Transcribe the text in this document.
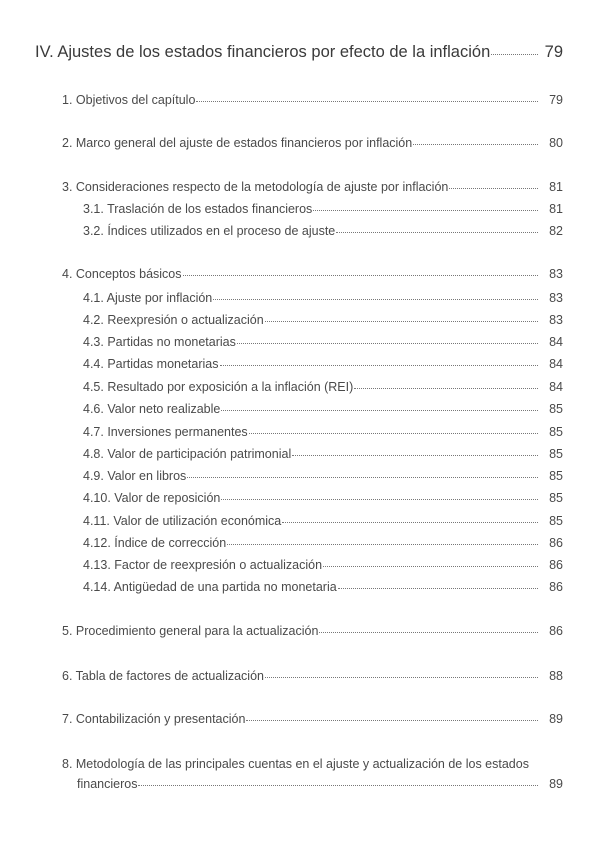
IV. Ajustes de los estados financieros por efecto de la inflación	79
1. Objetivos del capítulo	79
2. Marco general del ajuste de estados financieros por inflación	80
3. Consideraciones respecto de la metodología de ajuste por inflación	81
3.1. Traslación de los estados financieros	81
3.2. Índices utilizados en el proceso de ajuste	82
4. Conceptos básicos	83
4.1. Ajuste por inflación	83
4.2. Reexpresión o actualización	83
4.3. Partidas no monetarias	84
4.4. Partidas monetarias	84
4.5. Resultado por exposición a la inflación (REI)	84
4.6. Valor neto realizable	85
4.7. Inversiones permanentes	85
4.8. Valor de participación patrimonial	85
4.9. Valor en libros	85
4.10. Valor de reposición	85
4.11. Valor de utilización económica	85
4.12. Índice de corrección	86
4.13. Factor de reexpresión o actualización	86
4.14. Antigüedad de una partida no monetaria	86
5. Procedimiento general para la actualización	86
6. Tabla de factores de actualización	88
7. Contabilización y presentación	89
8. Metodología de las principales cuentas en el ajuste y actualización de los estados
financieros	89
